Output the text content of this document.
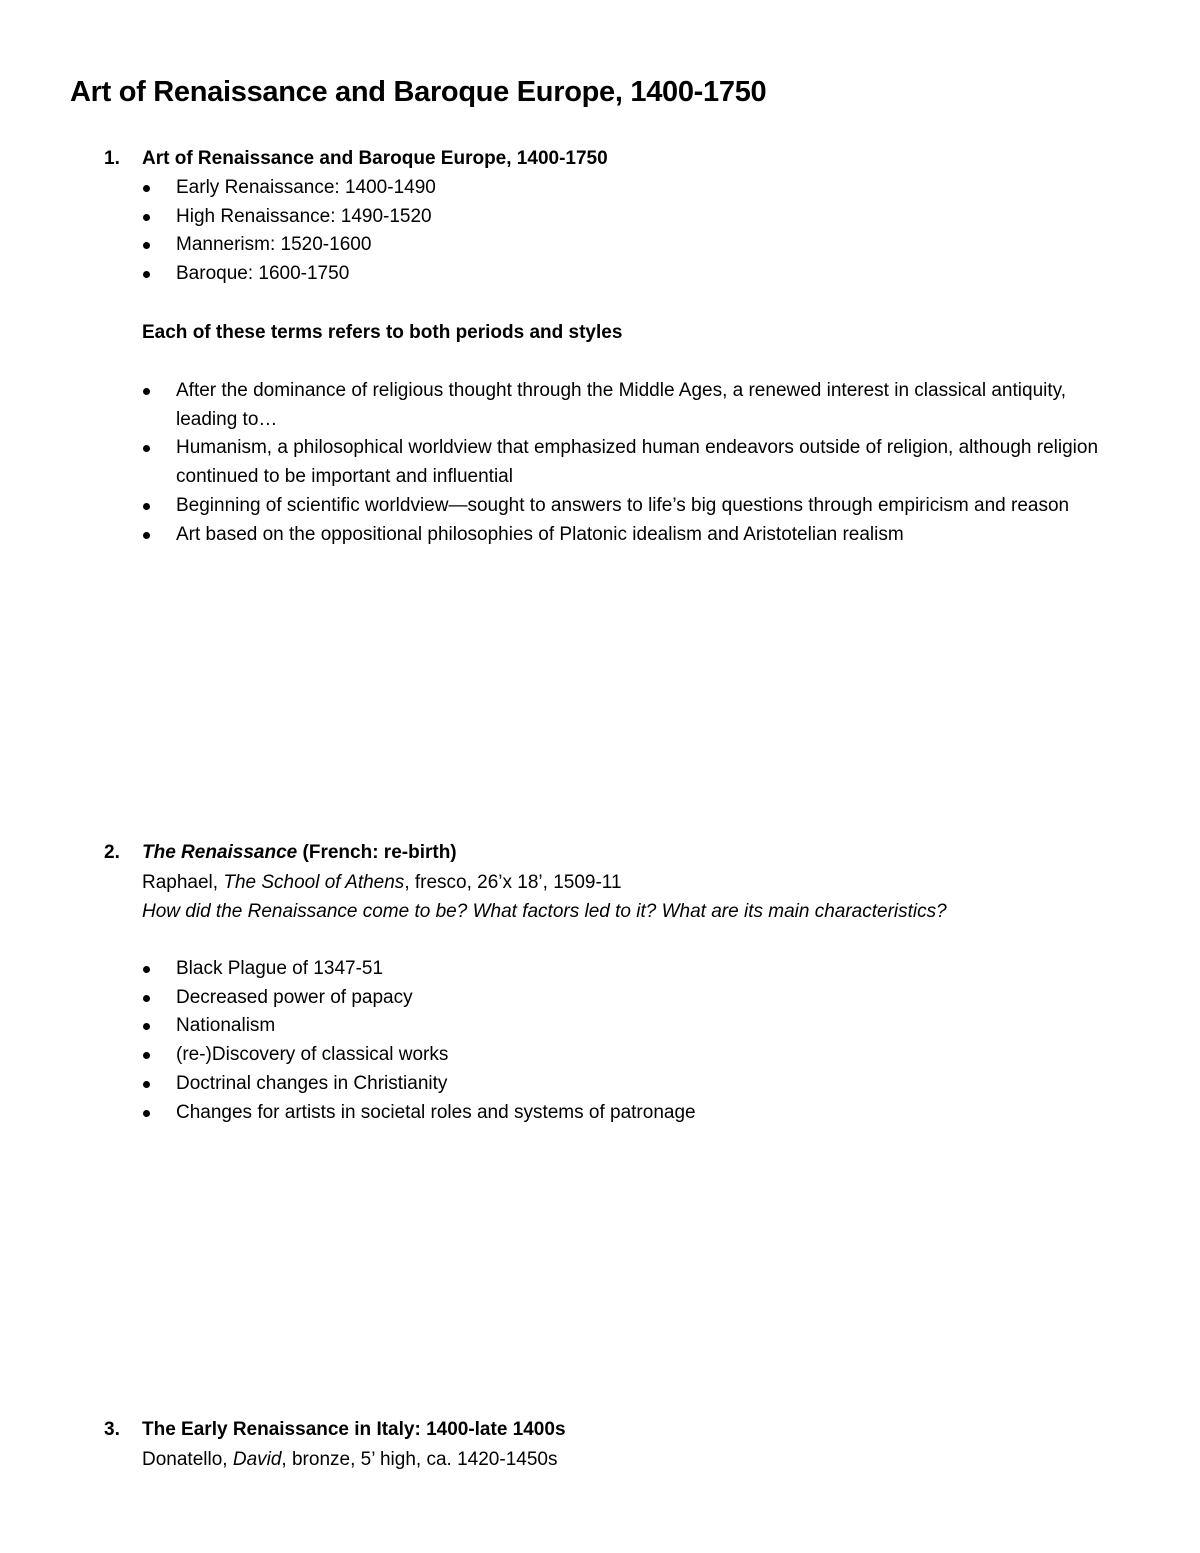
Art of Renaissance and Baroque Europe, 1400-1750
1. Art of Renaissance and Baroque Europe, 1400-1750
Early Renaissance: 1400-1490
High Renaissance: 1490-1520
Mannerism: 1520-1600
Baroque: 1600-1750
Each of these terms refers to both periods and styles
After the dominance of religious thought through the Middle Ages, a renewed interest in classical antiquity, leading to…
Humanism, a philosophical worldview that emphasized human endeavors outside of religion, although religion continued to be important and influential
Beginning of scientific worldview—sought to answers to life’s big questions through empiricism and reason
Art based on the oppositional philosophies of Platonic idealism and Aristotelian realism
2. The Renaissance (French: re-birth)
Raphael, The School of Athens, fresco, 26’x 18’, 1509-11
How did the Renaissance come to be? What factors led to it? What are its main characteristics?
Black Plague of 1347-51
Decreased power of papacy
Nationalism
(re-)Discovery of classical works
Doctrinal changes in Christianity
Changes for artists in societal roles and systems of patronage
3. The Early Renaissance in Italy: 1400-late 1400s
Donatello, David, bronze, 5’ high, ca. 1420-1450s
